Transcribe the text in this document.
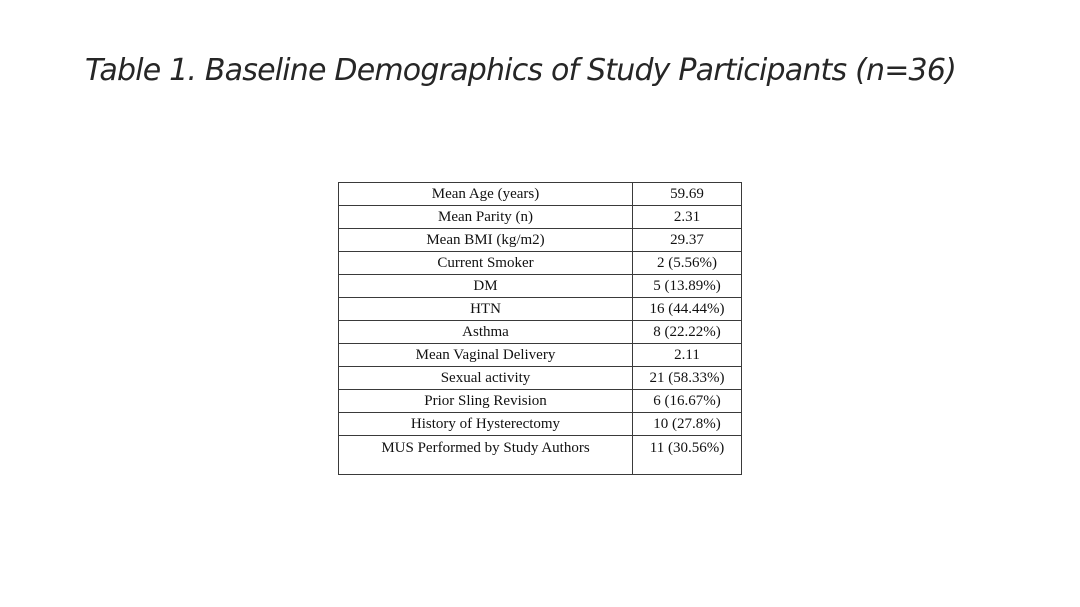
Table 1. Baseline Demographics of Study Participants (n=36)
Mean Age (years)	59.69
Mean Parity (n)	2.31
Mean BMI (kg/m2)	29.37
Current Smoker	2 (5.56%)
DM	5 (13.89%)
HTN	16 (44.44%)
Asthma	8 (22.22%)
Mean Vaginal Delivery	2.11
Sexual activity	21 (58.33%)
Prior Sling Revision	6 (16.67%)
History of Hysterectomy	10 (27.8%)
MUS Performed by Study Authors	11 (30.56%)
